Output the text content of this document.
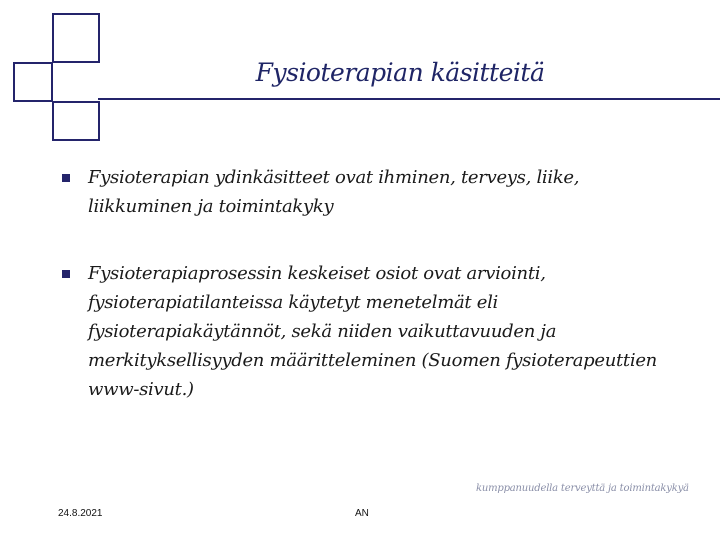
Fysioterapian käsitteitä
Fysioterapian ydinkäsitteet ovat ihminen, terveys, liike, liikkuminen ja toimintakyky
Fysioterapiaprosessin keskeiset osiot ovat arviointi, fysioterapiatilanteissa käytetyt menetelmät eli fysioterapiakäytännöt, sekä niiden vaikuttavuuden ja merkityksellisyyden määritteleminen (Suomen fysioterapeuttien www-sivut.)
kumppanuudella terveyttä ja toimintakykyä
24.8.2021	AN
